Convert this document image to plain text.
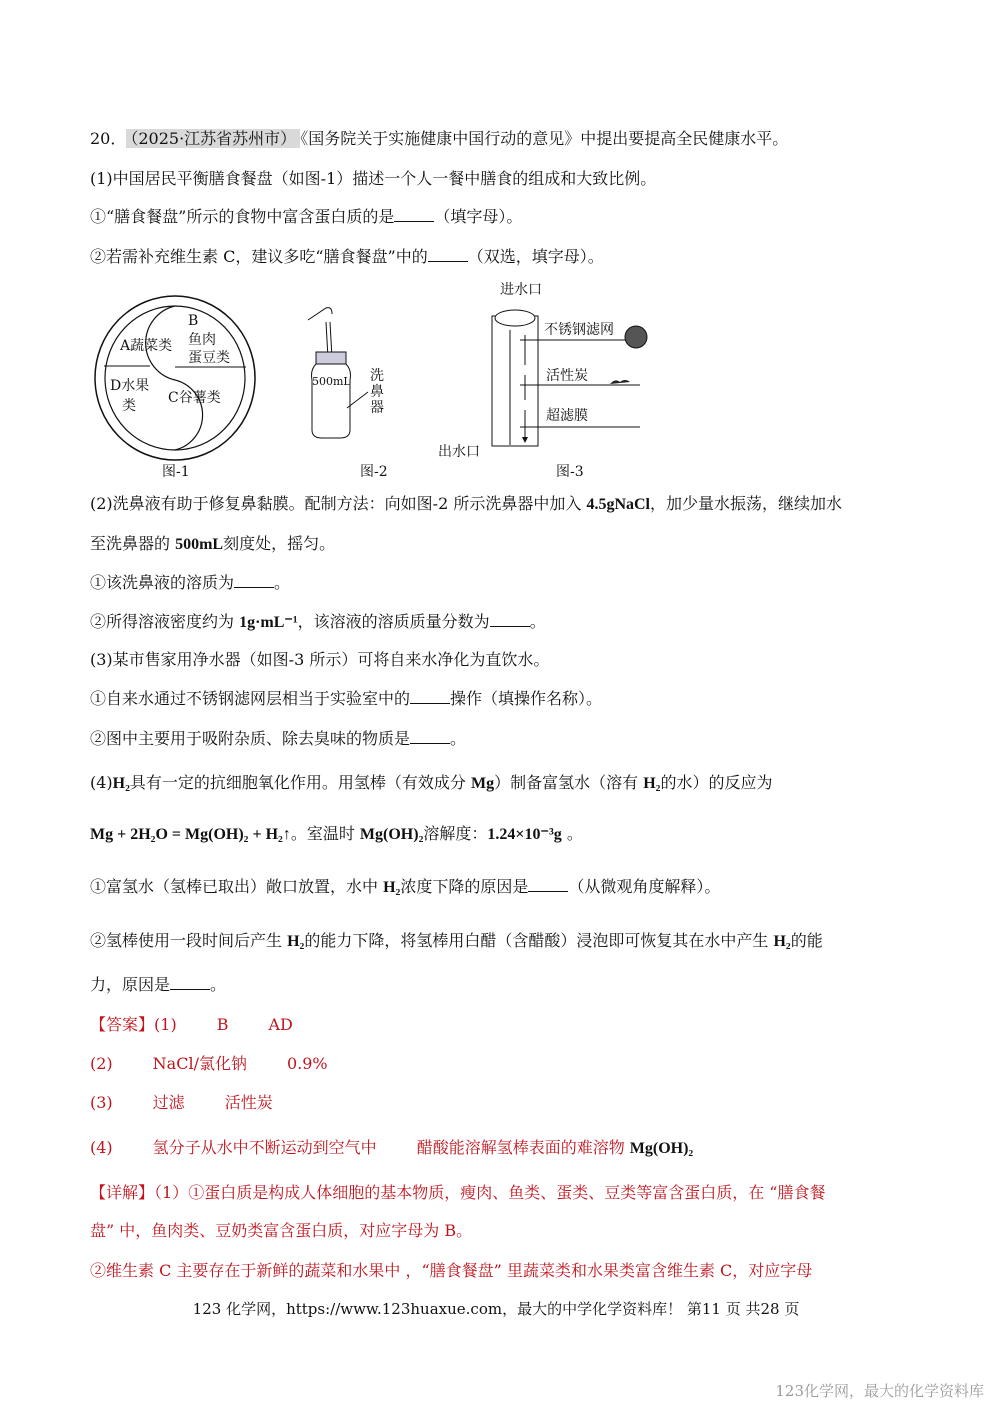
20． （2025·江苏省苏州市） 《国务院关于实施健康中国行动的意见》中提出要提高全民健康水平。
(1)中国居民平衡膳食餐盘（如图-1）描述一个人一餐中膳食的组成和大致比例。
①“膳食餐盘”所示的食物中富含蛋白质的是	（填字母）。
②若需补充维生素 C，建议多吃“膳食餐盘”中的	（双选，填字母）。
A蔬菜类
B
鱼肉
蛋豆类
D水果
类 C谷薯类
图-1
500mL 洗
鼻
器
图-2
进水口
不锈钢滤网
活性炭
超滤膜
出水口
图-3
(2)洗鼻液有助于修复鼻黏膜。配制方法：向如图-2 所示洗鼻器中加入 4.5gNaCl，加少量水振荡，继续加水
至洗鼻器的 500mL刻度处，摇匀。
①该洗鼻液的溶质为	。
②所得溶液密度约为 1g·mL⁻¹，该溶液的溶质质量分数为	。
(3)某市售家用净水器（如图-3 所示）可将自来水净化为直饮水。
①自来水通过不锈钢滤网层相当于实验室中的	操作（填操作名称）。
②图中主要用于吸附杂质、除去臭味的物质是	。
(4)H₂具有一定的抗细胞氧化作用。用氢棒（有效成分 Mg）制备富氢水（溶有 H₂的水）的反应为
Mg + 2H₂O = Mg(OH)₂ + H₂↑。室温时 Mg(OH)₂溶解度：1.24×10⁻³g 。
①富氢水（氢棒已取出）敞口放置，水中 H₂浓度下降的原因是	（从微观角度解释）。
②氢棒使用一段时间后产生 H₂的能力下降，将氢棒用白醋（含醋酸）浸泡即可恢复其在水中产生 H₂的能
力，原因是	。
【答案】(1)	B	AD
(2)	NaCl/氯化钠	0.9%
(3)	过滤	活性炭
(4)	氢分子从水中不断运动到空气中	醋酸能溶解氢棒表面的难溶物 Mg(OH)₂
【详解】（1）①蛋白质是构成人体细胞的基本物质，瘦肉、鱼类、蛋类、豆类等富含蛋白质，在 “膳食餐
盘” 中，鱼肉类、豆奶类富含蛋白质，对应字母为 B。
②维生素 C 主要存在于新鲜的蔬菜和水果中 ，“膳食餐盘” 里蔬菜类和水果类富含维生素 C，对应字母
123 化学网，https://www.123huaxue.com，最大的中学化学资料库！ 第11 页 共28 页
123化学网，最大的化学资料库
